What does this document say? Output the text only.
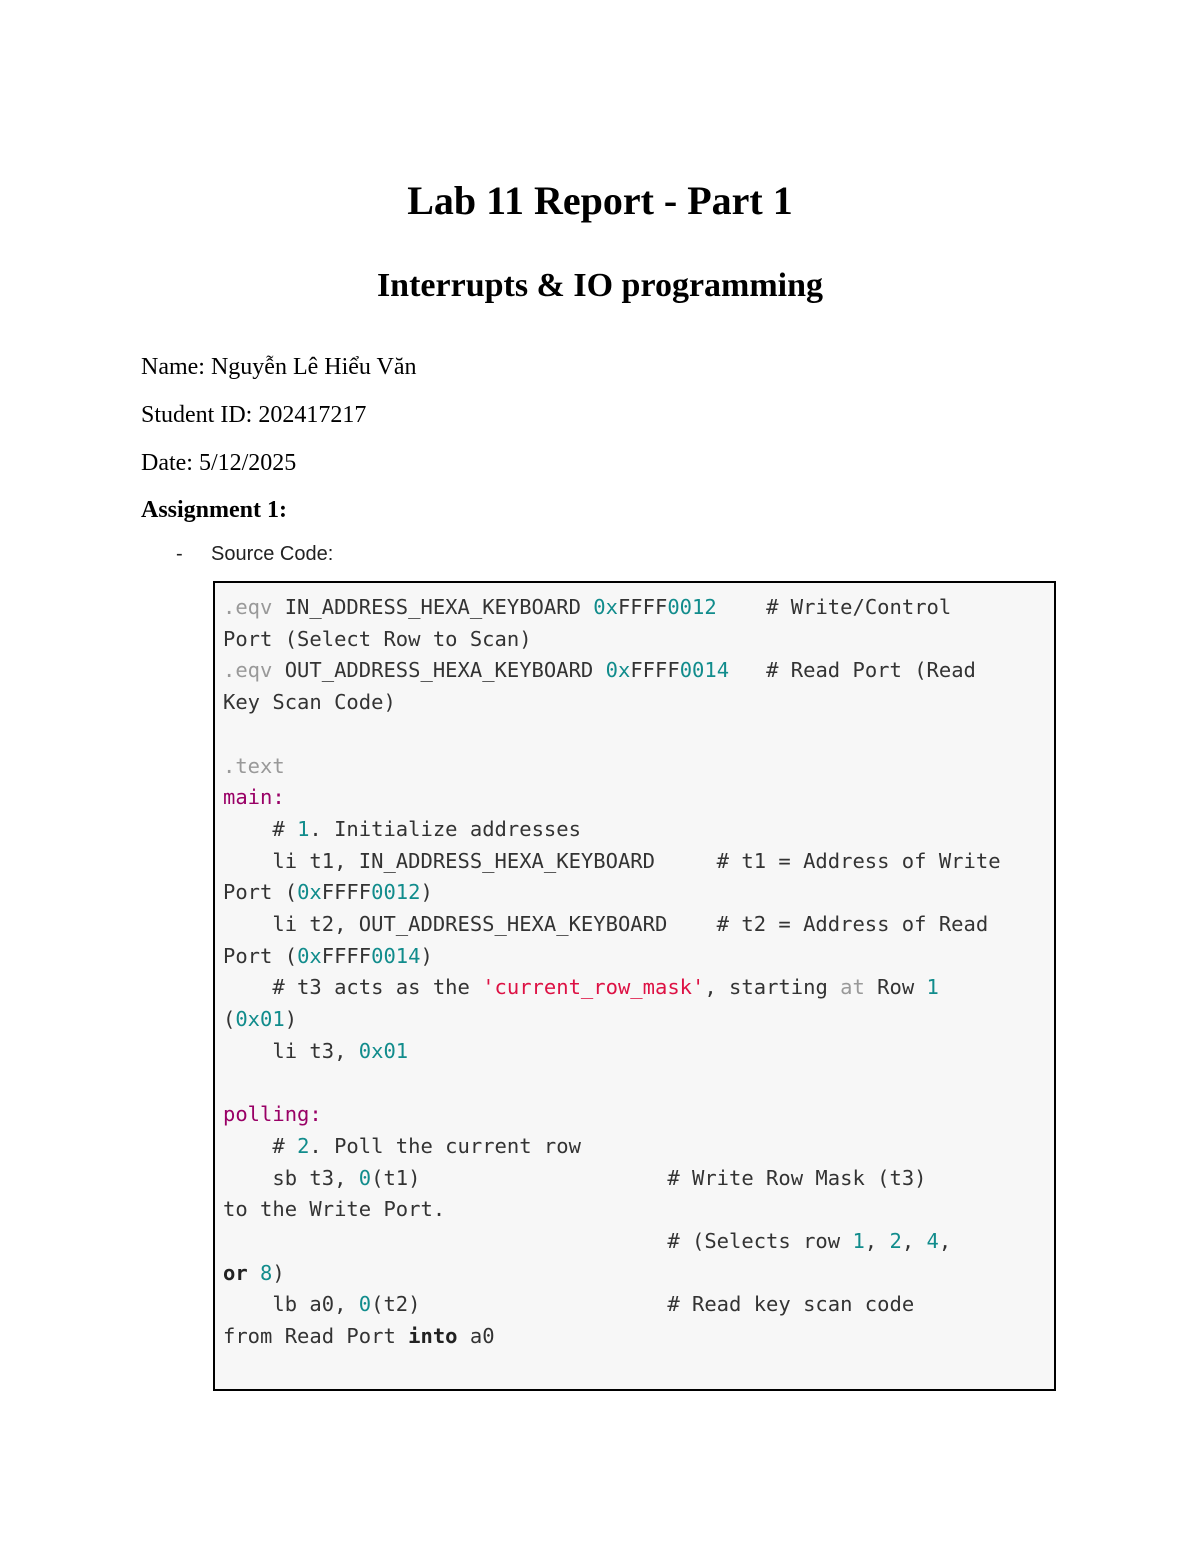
Lab 11 Report - Part 1
Interrupts & IO programming
Name: Nguyễn Lê Hiểu Văn
Student ID: 202417217
Date: 5/12/2025
Assignment 1:
- Source Code:
.eqv IN_ADDRESS_HEXA_KEYBOARD 0xFFFF0012    # Write/Control
Port (Select Row to Scan)
.eqv OUT_ADDRESS_HEXA_KEYBOARD 0xFFFF0014   # Read Port (Read
Key Scan Code)

.text
main:
# 1. Initialize addresses
li t1, IN_ADDRESS_HEXA_KEYBOARD     # t1 = Address of Write
Port (0xFFFF0012)
li t2, OUT_ADDRESS_HEXA_KEYBOARD    # t2 = Address of Read
Port (0xFFFF0014)
# t3 acts as the 'current_row_mask', starting at Row 1
(0x01)
li t3, 0x01

polling:
# 2. Poll the current row
sb t3, 0(t1)                    # Write Row Mask (t3)
to the Write Port.
# (Selects row 1, 2, 4,
or 8)
lb a0, 0(t2)                    # Read key scan code
from Read Port into a0
